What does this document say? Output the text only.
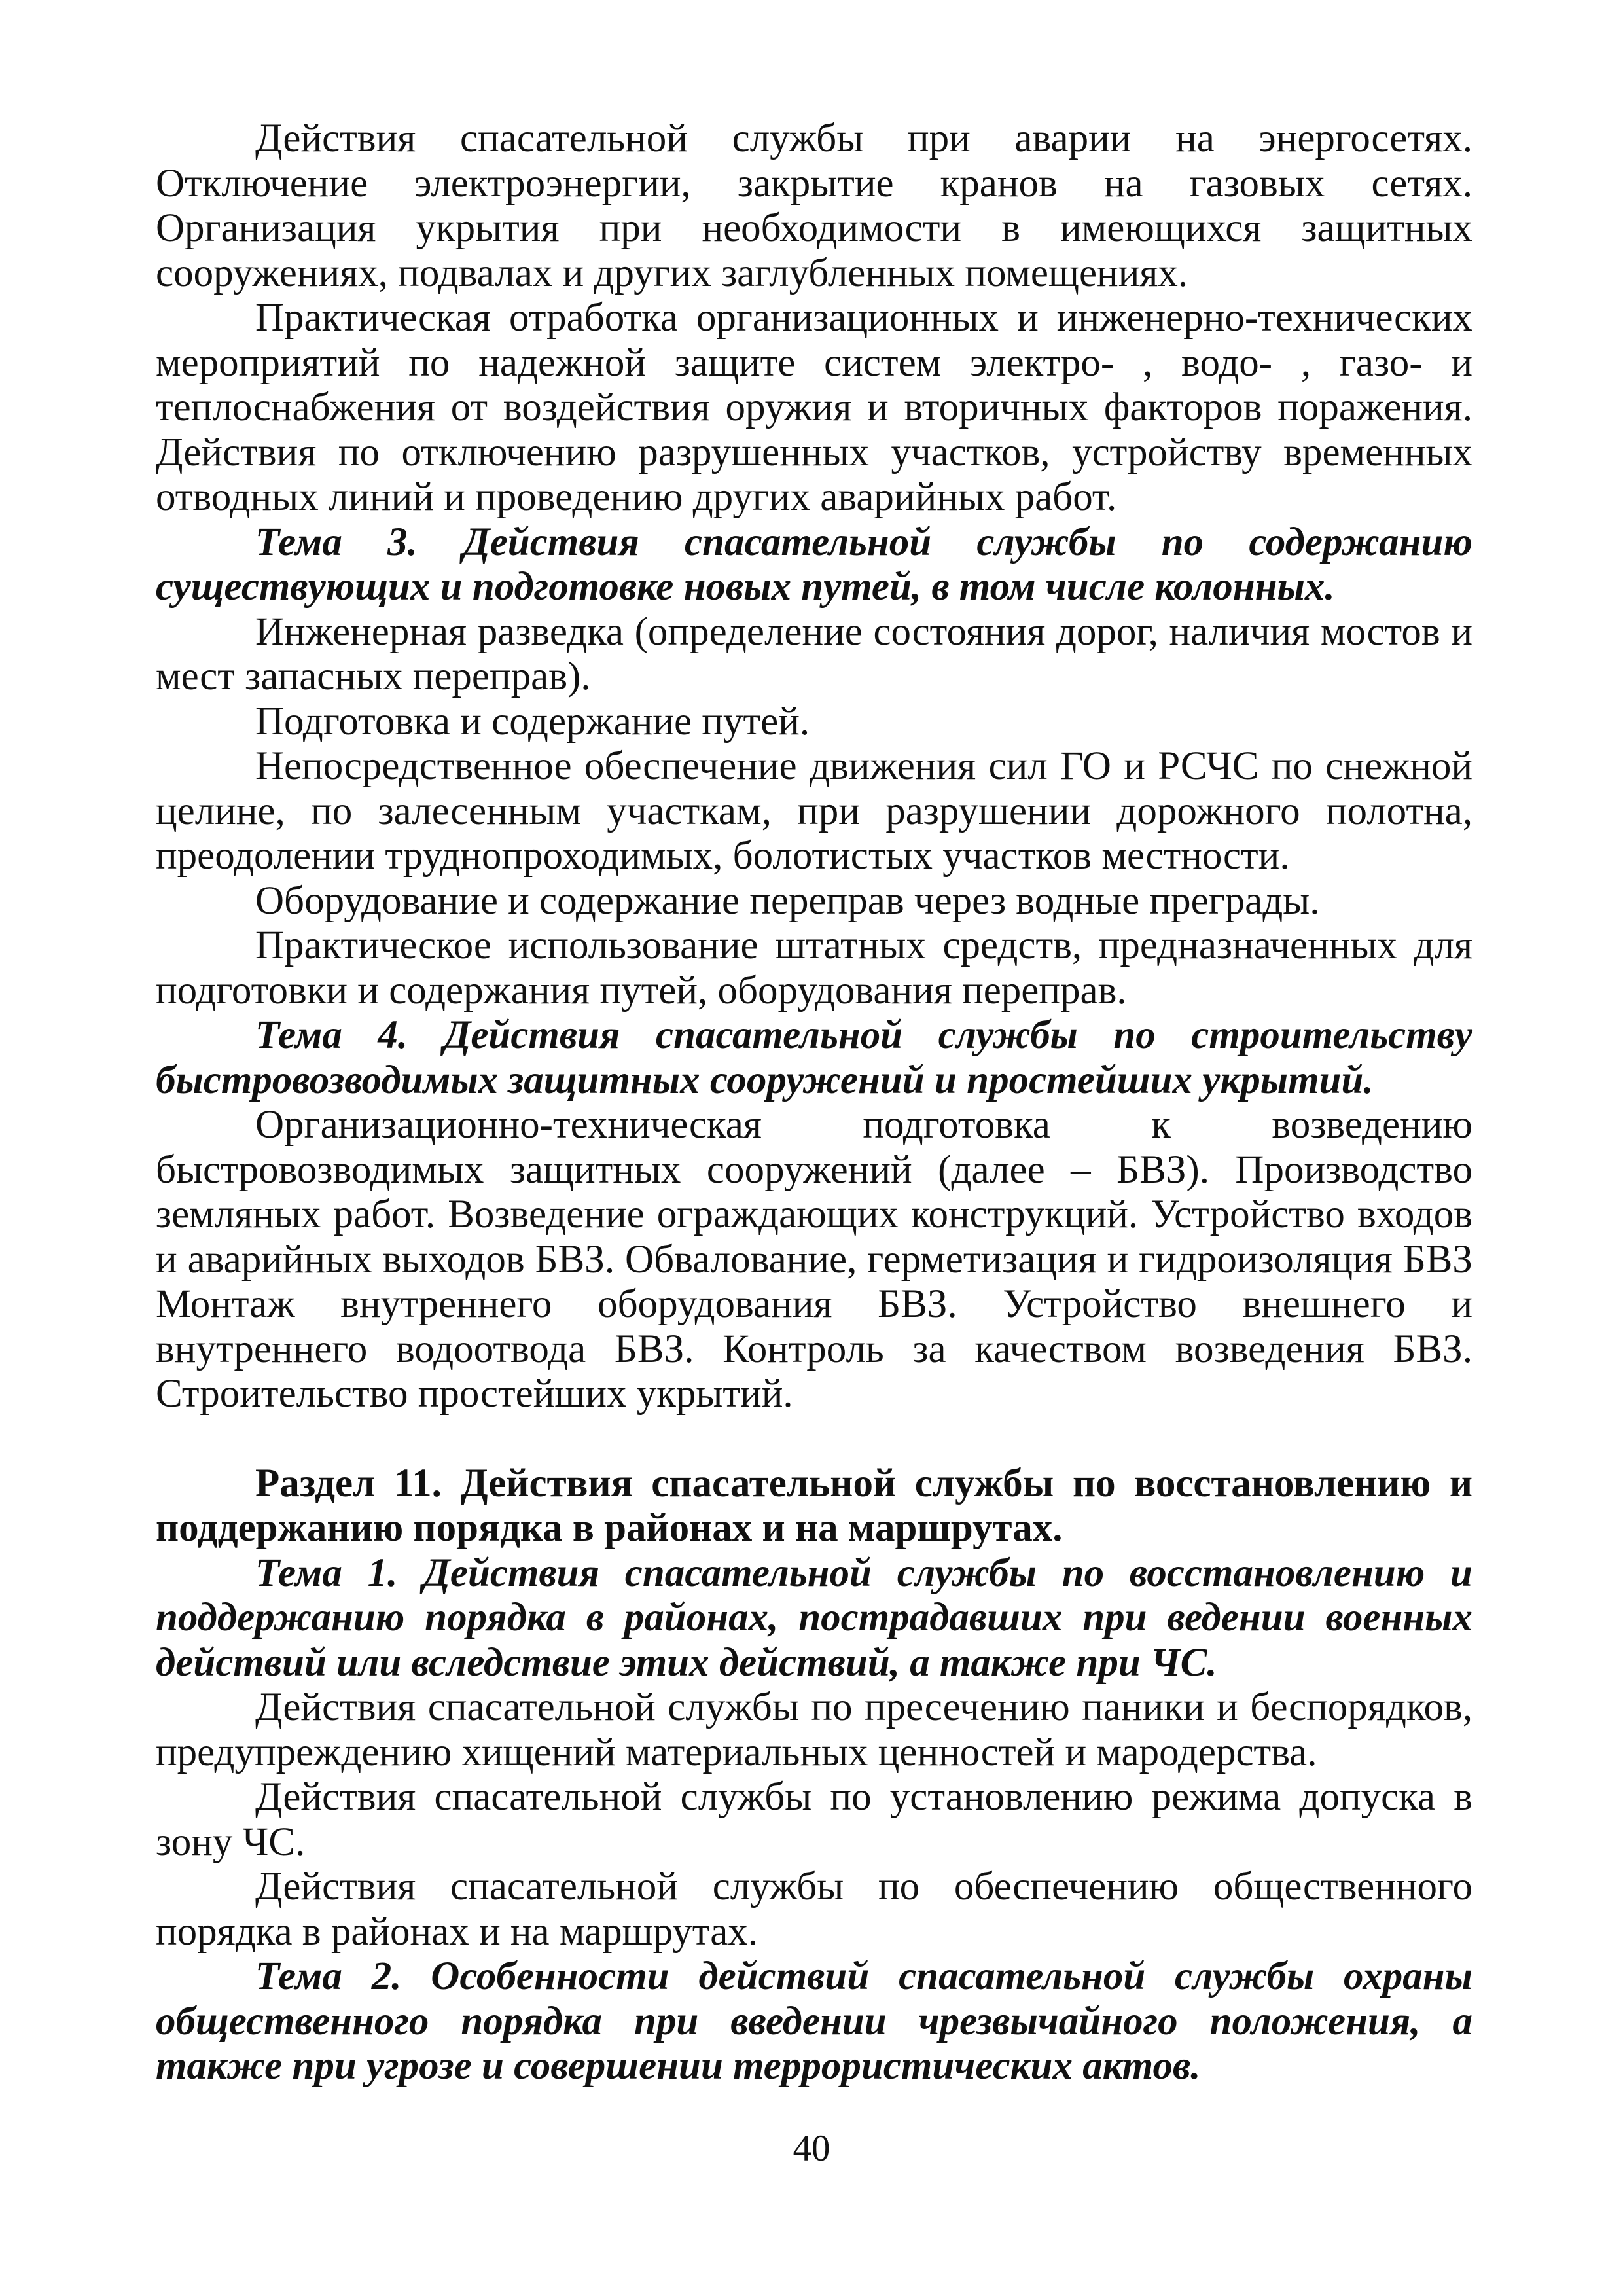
Действия спасательной службы при аварии на энергосетях. Отключение электроэнергии, закрытие кранов на газовых сетях. Организация укрытия при необходимости в имеющихся защитных сооружениях, подвалах и других заглубленных помещениях.

Практическая отработка организационных и инженерно-технических мероприятий по надежной защите систем электро- , водо- , газо- и теплоснабжения от воздействия оружия и вторичных факторов поражения. Действия по отключению разрушенных участков, устройству временных отводных линий и проведению других аварийных работ.

Тема 3. Действия спасательной службы по содержанию существующих и подготовке новых путей, в том числе колонных.

Инженерная разведка (определение состояния дорог, наличия мостов и мест запасных переправ).

Подготовка и содержание путей.

Непосредственное обеспечение движения сил ГО и РСЧС по снежной целине, по залесенным участкам, при разрушении дорожного полотна, преодолении труднопроходимых, болотистых участков местности.

Оборудование и содержание переправ через водные преграды.

Практическое использование штатных средств, предназначенных для подготовки и содержания путей, оборудования переправ.

Тема 4. Действия спасательной службы по строительству быстровозводимых защитных сооружений и простейших укрытий.

Организационно-техническая подготовка к возведению быстровозводимых защитных сооружений (далее – БВЗ). Производство земляных работ. Возведение ограждающих конструкций. Устройство входов и аварийных выходов БВЗ. Обвалование, герметизация и гидроизоляция БВЗ Монтаж внутреннего оборудования БВЗ. Устройство внешнего и внутреннего водоотвода БВЗ. Контроль за качеством возведения БВЗ. Строительство простейших укрытий.

Раздел 11. Действия спасательной службы по восстановлению и поддержанию порядка в районах и на маршрутах.

Тема 1. Действия спасательной службы по восстановлению и поддержанию порядка в районах, пострадавших при ведении военных действий или вследствие этих действий, а также при ЧС.

Действия спасательной службы по пресечению паники и беспорядков, предупреждению хищений материальных ценностей и мародерства.

Действия спасательной службы по установлению режима допуска в зону ЧС.

Действия спасательной службы по обеспечению общественного порядка в районах и на маршрутах.

Тема 2. Особенности действий спасательной службы охраны общественного порядка при введении чрезвычайного положения, а также при угрозе и совершении террористических актов.

40
